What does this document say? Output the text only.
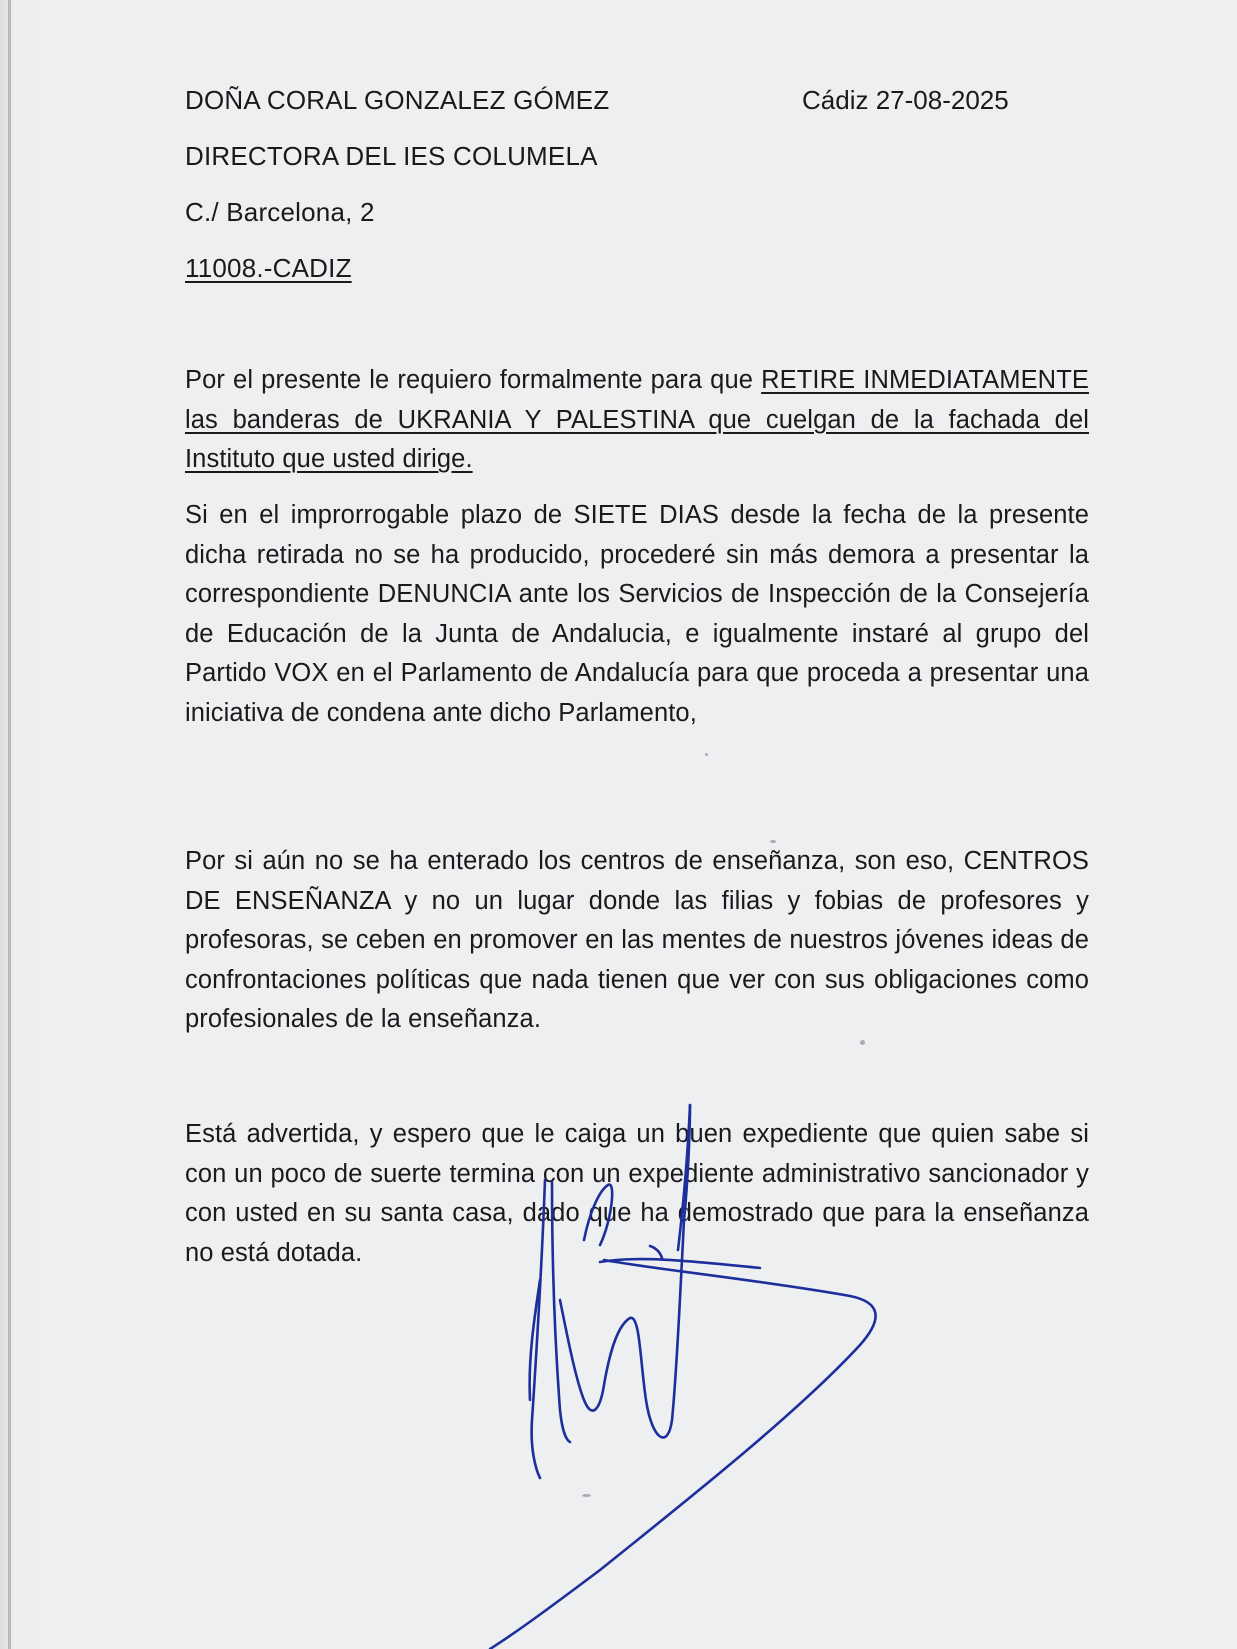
DOÑA CORAL GONZALEZ GÓMEZ
DIRECTORA DEL IES COLUMELA
C./ Barcelona, 2
11008.-CADIZ
Cádiz 27-08-2025
Por el presente le requiero formalmente para que RETIRE INMEDIATAMENTE las banderas de UKRANIA Y PALESTINA que cuelgan de la fachada del Instituto que usted dirige.
Si en el improrrogable plazo de SIETE DIAS desde la fecha de la presente dicha retirada no se ha producido, procederé sin más demora a presentar la correspondiente DENUNCIA ante los Servicios de Inspección de la Consejería de Educación de la Junta de Andalucia, e igualmente instaré al grupo del Partido VOX en el Parlamento de Andalucía para que proceda a presentar una iniciativa de condena ante dicho Parlamento,
Por si aún no se ha enterado los centros de enseñanza, son eso, CENTROS DE ENSEÑANZA y no un lugar donde las filias y fobias de profesores y profesoras, se ceben en promover en las mentes de nuestros jóvenes ideas de confrontaciones políticas que nada tienen que ver con sus obligaciones como profesionales de la enseñanza.
Está advertida, y espero que le caiga un buen expediente que quien sabe si con un poco de suerte termina con un expediente administrativo sancionador y con usted en su santa casa, dado que ha demostrado que para la enseñanza no está dotada.
